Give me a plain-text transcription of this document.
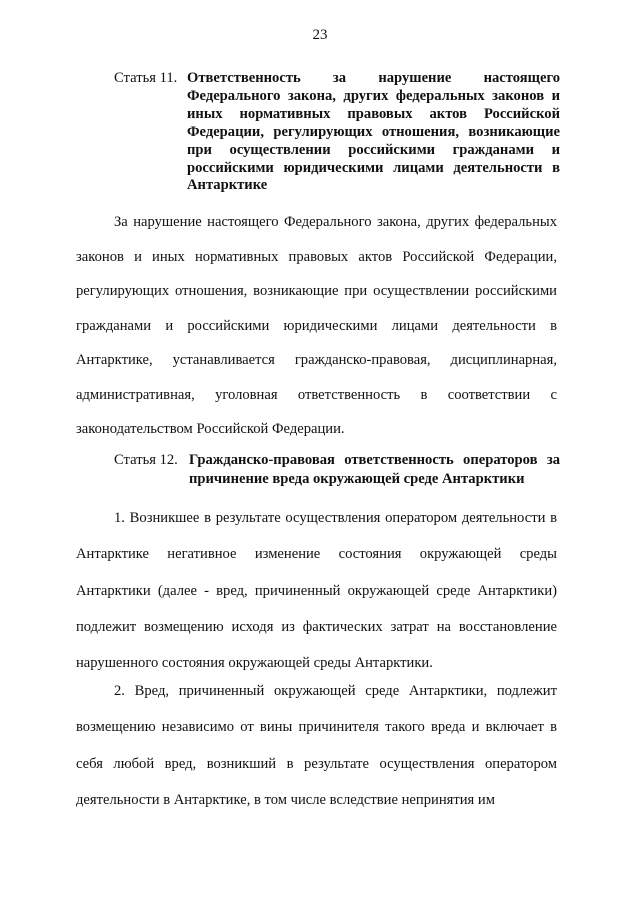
23
Статья 11. Ответственность за нарушение настоящего Федерального закона, других федеральных законов и иных нормативных правовых актов Российской Федерации, регулирующих отношения, возникающие при осуществлении российскими гражданами и российскими юридическими лицами деятельности в Антарктике

За нарушение настоящего Федерального закона, других федеральных законов и иных нормативных правовых актов Российской Федерации, регулирующих отношения, возникающие при осуществлении российскими гражданами и российскими юридическими лицами деятельности в Антарктике, устанавливается гражданско-правовая, дисциплинарная, административная, уголовная ответственность в соответствии с законодательством Российской Федерации.

Статья 12. Гражданско-правовая ответственность операторов за причинение вреда окружающей среде Антарктики

1. Возникшее в результате осуществления оператором деятельности в Антарктике негативное изменение состояния окружающей среды Антарктики (далее - вред, причиненный окружающей среде Антарктики) подлежит возмещению исходя из фактических затрат на восстановление нарушенного состояния окружающей среды Антарктики.

2. Вред, причиненный окружающей среде Антарктики, подлежит возмещению независимо от вины причинителя такого вреда и включает в себя любой вред, возникший в результате осуществления оператором деятельности в Антарктике, в том числе вследствие непринятия им
